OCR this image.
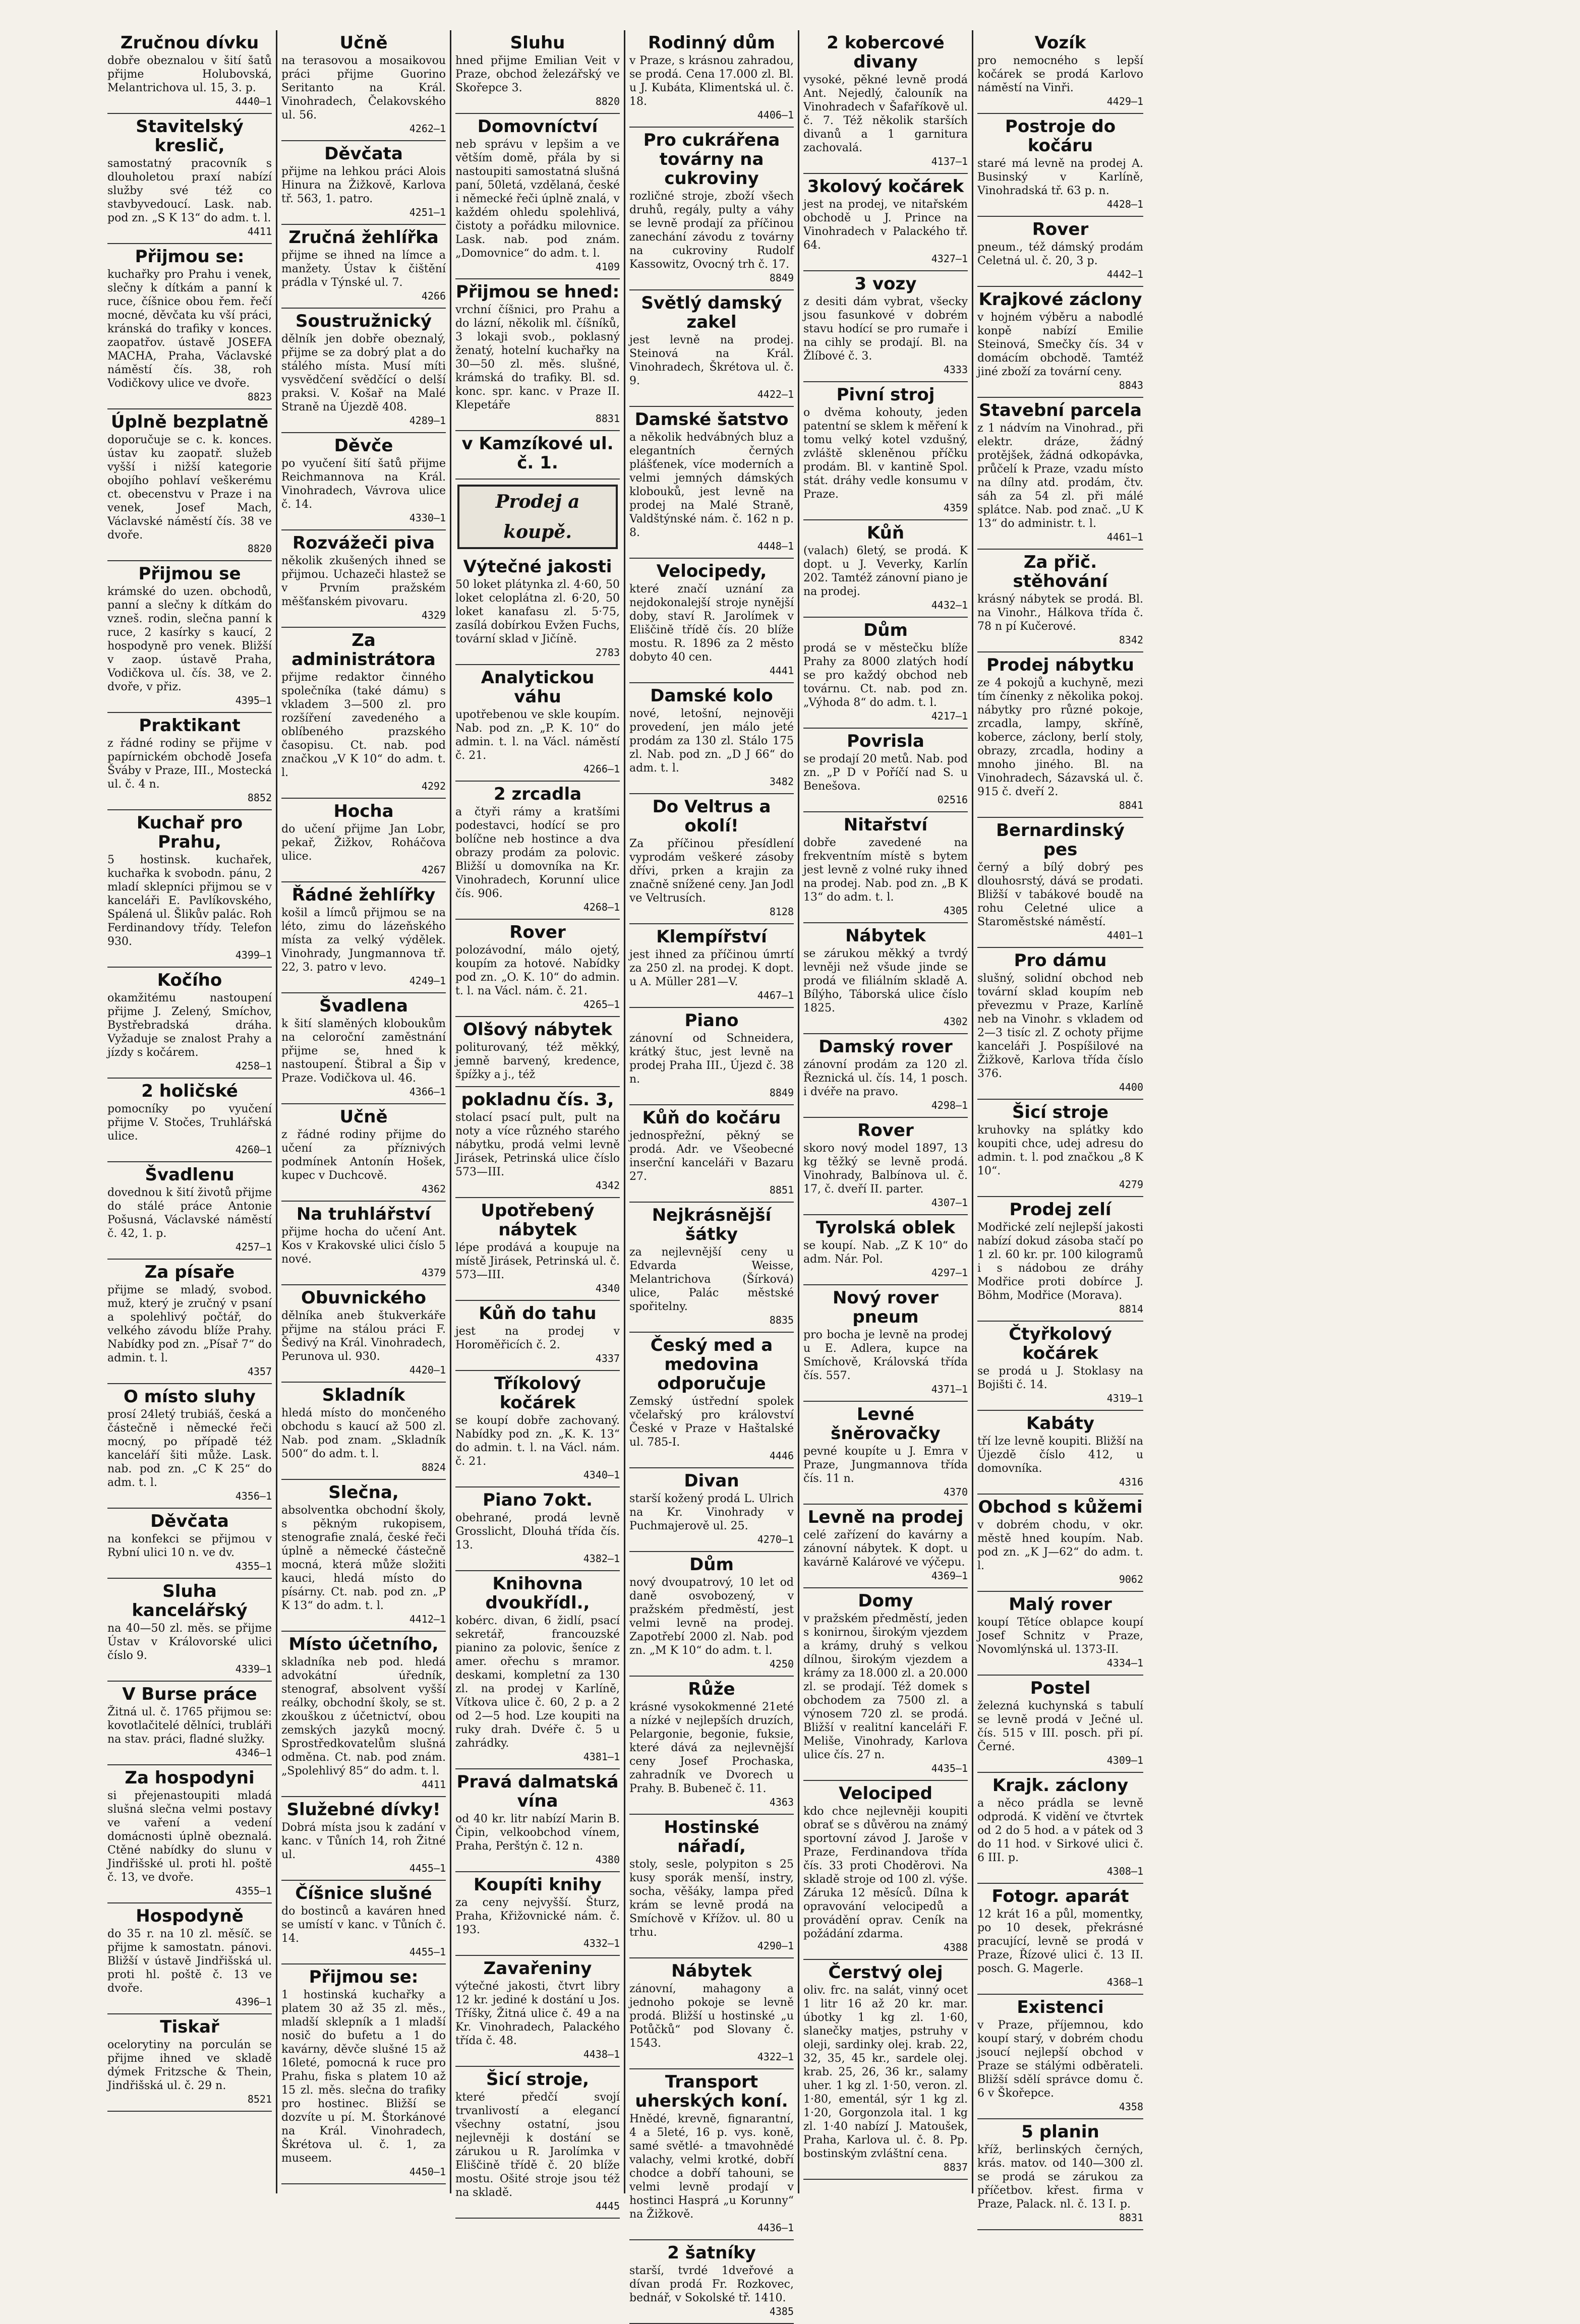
Zručnou dívku

dobře obeznalou v šití šatů přijme Holubovská, Melantrichova ul. 15, 3. p.

4440—1
Stavitelský kreslič,

samostatný pracovník s dlouholetou praxí nabízí služby své též co stavbyvedoucí. Lask. nab. pod zn. „S K 13“ do adm. t. l.

4411
Přijmou se:

kuchařky pro Prahu i venek, slečny k dítkám a panní k ruce, číšnice obou řem. řečí mocné, děvčata ku vší práci, kránská do trafiky v konces. zaopatřov. ústavě JOSEFA MACHA, Praha, Václavské náměstí čís. 38, roh Vodičkovy ulice ve dvoře.

8823
Úplně bezplatně

doporučuje se c. k. konces. ústav ku zaopatř. služeb vyšší i nižší kategorie obojího pohlaví veškerému ct. obecenstvu v Praze i na venek, Josef Mach, Václavské náměstí čís. 38 ve dvoře.

8820
Přijmou se

krámské do uzen. obchodů, panní a slečny k dítkám do vzneš. rodin, slečna panní k ruce, 2 kasírky s kaucí, 2 hospodyně pro venek. Bližší v zaop. ústavě Praha, Vodičkova ul. čís. 38, ve 2. dvoře, v přiz.

4395—1
Praktikant

z řádné rodiny se přijme v papírnickém obchodě Josefa Šváby v Praze, III., Mostecká ul. č. 4 n.

8852
Kuchař pro Prahu,

5 hostinsk. kuchařek, kuchařka k svobodn. pánu, 2 mladí sklepníci přijmou se v kanceláři E. Pavlíkovského, Spálená ul. Šlikův palác. Roh Ferdinandovy třídy. Telefon 930.

4399—1
Kočího

okamžitému nastoupení přijme J. Zelený, Smíchov, Bystřebradská dráha. Vyžaduje se znalost Prahy a jízdy s kočárem.

4258—1
2 holičské

pomocníky po vyučení přijme V. Stočes, Truhlářská ulice.

4260—1
Švadlenu

dovednou k šití životů přijme do stálé práce Antonie Pošusná, Václavské náměstí č. 42, 1. p.

4257—1
Za písaře

přijme se mladý, svobod. muž, který je zručný v psaní a spolehlivý počtář, do velkého závodu blíže Prahy. Nabídky pod zn. „Písař 7“ do admin. t. l.

4357
O místo sluhy

prosí 24letý trubiáš, česká a částečně i německé řeči mocný, po případě též kanceláří šiti může. Lask. nab. pod zn. „C K 25“ do adm. t. l.

4356—1
Děvčata

na konfekci se přijmou v Rybní ulici 10 n. ve dv.

4355—1
Sluha kancelářský

na 40—50 zl. měs. se přijme Ústav v Královorské ulici číslo 9.

4339—1
V Burse práce

Žitná ul. č. 1765 přijmou se: kovotlačitelé dělníci, trubláři na stav. práci, fladné služky.

4346—1
Za hospodyni

si přejenastoupiti mladá slušná slečna velmi postavy ve vaření a vedení domácnosti úplně obeznalá. Ctěné nabídky do slunu v Jindřišské ul. proti hl. poště č. 13, ve dvoře.

4355—1
Hospodyně

do 35 r. na 10 zl. měsíč. se přijme k samostatn. pánovi. Bližší v ústavě Jindřišská ul. proti hl. poště č. 13 ve dvoře.

4396—1
Tiskař

ocelorytiny na porculán se přijme ihned ve skladě dýmek Fritzsche & Thein, Jindřišská ul. č. 29 n.

8521
Učně

na terasovou a mosaikovou práci přijme Guorino Seritanto na Král. Vinohradech, Čelakovského ul. 56.

4262—1
Děvčata

přijme na lehkou práci Alois Hinura na Žižkově, Karlova tř. 563, 1. patro.

4251—1
Zručná žehlířka

přijme se ihned na límce a manžety. Ústav k čištění prádla v Týnské ul. 7.

4266
Soustružnický

dělník jen dobře obeznalý, přijme se za dobrý plat a do stálého místa. Musí míti vysvědčení svědčící o delší praksi. V. Košař na Malé Straně na Újezdě 408.

4289—1
Děvče

po vyučení šití šatů přijme Reichmannova na Král. Vinohradech, Vávrova ulice č. 14.

4330—1
Rozvážeči piva

několik zkušených ihned se přijmou. Uchazeči hlastež se v Prvním pražském měšťanském pivovaru.

4329
Za administrátora

přijme redaktor činného společníka (také dámu) s vkladem 3—500 zl. pro rozšíření zavedeného a oblíbeného prazského časopisu. Ct. nab. pod značkou „V K 10“ do adm. t. l.

4292
Hocha

do učení přijme Jan Lobr, pekař, Žižkov, Roháčova ulice.

4267
Řádné žehlířky

košil a límců přijmou se na léto, zimu do lázeňského místa za velký výdělek. Vinohrady, Jungmannova tř. 22, 3. patro v levo.

4249—1
Švadlena

k šití slaměných kloboukům na celoroční zaměstnání přijme se, hned k nastoupení. Štibral a Šip v Praze. Vodičkova ul. 46.

4366—1
Učně

z řádné rodiny přijme do učení za příznivých podmínek Antonín Hošek, kupec v Duchcově.

4362
Na truhlářství

přijme hocha do učení Ant. Kos v Krakovské ulici číslo 5 nové.

4379
Obuvnického

dělníka aneb štukverkáře přijme na stálou práci F. Šedivý na Král. Vinohradech, Perunova ul. 930.

4420—1
Skladník

hledá místo do mončeného obchodu s kaucí až 500 zl. Nab. pod znam. „Skladník 500“ do adm. t. l.

8824
Slečna,

absolventka obchodní školy, s pěkným rukopisem, stenografie znalá, české řeči úplně a německé částečně mocná, která může složiti kauci, hledá místo do písárny. Ct. nab. pod zn. „P K 13“ do adm. t. l.

4412—1
Místo účetního,

skladníka neb pod. hledá advokátní úředník, stenograf, absolvent vyšší reálky, obchodní školy, se st. zkouškou z účetnictví, obou zemských jazyků mocný. Sprostředkovatelům slušná odměna. Ct. nab. pod znám. „Spolehlivý 85“ do adm. t. l.

4411
Služebné dívky!

Dobrá místa jsou k zadání v kanc. v Tůních 14, roh Žitné ul.

4455—1
Číšnice slušné

do bostinců a kaváren hned se umístí v kanc. v Tůních č. 14.

4455—1
Přijmou se:

1 hostinská kuchařky a platem 30 až 35 zl. měs., mladší sklepník a 1 mladší nosič do bufetu a 1 do kavárny, děvče slušné 15 až 16leté, pomocná k ruce pro Prahu, fiska s platem 10 až 15 zl. měs. slečna do trafiky pro hostinec. Bližší se dozvíte u pí. M. Štorkánové na Král. Vinohradech, Škrétova ul. č. 1, za museem.

4450—1
Sluhu

hned přijme Emilian Veit v Praze, obchod železářský ve Skořepce 3.

8820
Domovníctví

neb správu v lepšim a ve větším domě, přála by si nastoupiti samostatná slušná paní, 50letá, vzdělaná, české i německé řeči úplně znalá, v každém ohledu spolehlivá, čistoty a pořádku milovnice. Lask. nab. pod znám. „Domovnice“ do adm. t. l.

4109
Přijmou se hned:

vrchní číšnici, pro Prahu a do lázní, několik ml. číšníků, 3 lokaji svob., poklasný ženatý, hotelní kuchařky na 30—50 zl. měs. slušné, krámská do trafiky. Bl. sd. konc. spr. kanc. v Praze II. Klepetáře

8831
v Kamzíkové ul. č. 1.
Prodej a koupě.
Výtečné jakosti

50 loket plátynka zl. 4·60, 50 loket celoplátna zl. 6·20, 50 loket kanafasu zl. 5·75, zasílá dobírkou Evžen Fuchs, tovární sklad v Jičíně.

2783
Analytickou váhu

upotřebenou ve skle koupím. Nab. pod zn. „P. K. 10“ do admin. t. l. na Václ. náměstí č. 21.

4266—1
2 zrcadla

a čtyři rámy a kratšími podestavci, hodící se pro bolíčne neb hostince a dva obrazy prodám za polovic. Bližší u domovníka na Kr. Vinohradech, Korunní ulice čís. 906.

4268—1
Rover

polozávodní, málo ojetý, koupím za hotové. Nabídky pod zn. „O. K. 10“ do admin. t. l. na Václ. nám. č. 21.

4265—1
Olšový nábytek

politurovaný, též měkký, jemně barvený, kredence, špížky a j., též

pokladnu čís. 3,

stolací psací pult, pult na noty a více různého starého nábytku, prodá velmi levně Jirásek, Petrinská ulice číslo 573—III.

4342
Upotřebený nábytek

lépe prodává a koupuje na místě Jirásek, Petrinská ul. č. 573—III.

4340
Kůň do tahu

jest na prodej v Horoměřicích č. 2.

4337
Tříkolový kočárek

se koupí dobře zachovaný. Nabídky pod zn. „K. K. 13“ do admin. t. l. na Václ. nám. č. 21.

4340—1
Piano 7okt.

obehrané, prodá levně Grosslicht, Dlouhá třída čís. 13.

4382—1
Knihovna dvoukřídl.,

kobérc. divan, 6 židlí, psací sekretář, francouzské pianino za polovic, šeníce z amer. ořechu s mramor. deskami, kompletní za 130 zl. na prodej v Karlíně, Vítkova ulice č. 60, 2 p. a 2 od 2—5 hod. Lze koupiti na ruky drah. Dvéře č. 5 u zahrádky.

4381—1
Pravá dalmatská vína

od 40 kr. litr nabízí Marin B. Čipin, velkoobchod vínem, Praha, Perštýn č. 12 n.

4380
Koupíti knihy

za ceny nejvyšší. Šturz, Praha, Křižovnické nám. č. 193.

4332—1
Zavařeniny

výtečné jakosti, čtvrt libry 12 kr. jediné k dostání u Jos. Tříšky, Žitná ulice č. 49 a na Kr. Vinohradech, Palackého třída č. 48.

4438—1
Šicí stroje,

které předčí svojí trvanlivostí a elegancí všechny ostatní, jsou nejlevněji k dostání se zárukou u R. Jarolímka v Eliščině třídě č. 20 blíže mostu. Ošité stroje jsou též na skladě.

4445
Rodinný dům

v Praze, s krásnou zahradou, se prodá. Cena 17.000 zl. Bl. u J. Kubáta, Klimentská ul. č. 18.

4406—1
Pro cukrářena továrny na cukroviny

rozličné stroje, zboží všech druhů, regály, pulty a váhy se levně prodají za příčinou zanechání závodu z továrny na cukroviny Rudolf Kassowitz, Ovocný trh č. 17.

8849
Světlý damský zakel

jest levně na prodej. Steinová na Král. Vinohradech, Škrétova ul. č. 9.

4422—1
Damské šatstvo

a několik hedvábných bluz a elegantních černých plášťenek, více moderních a velmi jemných dámských klobouků, jest levně na prodej na Malé Straně, Valdštýnské nám. č. 162 n p. 8.

4448—1
Velocipedy,

které značí uznání za nejdokonalejší stroje nynější doby, staví R. Jarolímek v Eliščině třídě čís. 20 blíže mostu. R. 1896 za 2 město dobyto 40 cen.

4441
Damské kolo

nové, letošní, nejnověji provedení, jen málo jeté prodám za 130 zl. Stálo 175 zl. Nab. pod zn. „D J 66“ do adm. t. l.

3482
Do Veltrus a okolí!

Za příčinou přesídlení vyprodám veškeré zásoby dřívi, prken a krajin za značně snížené ceny. Jan Jodl ve Veltrusích.

8128
Klempířství

jest ihned za příčinou úmrtí za 250 zl. na prodej. K dopt. u A. Müller 281—V.

4467—1
Piano

zánovní od Schneidera, krátký štuc, jest levně na prodej Praha III., Újezd č. 38 n.

8849
Kůň do kočáru

jednospřežní, pěkný se prodá. Adr. ve Všeobecné inserční kanceláři v Bazaru 27.

8851
Nejkrásnější šátky

za nejlevnější ceny u Edvarda Weisse, Melantrichova (Šírková) ulice, Palác městské spořitelny.

8835
Český med a medovina odporučuje

Zemský ústřední spolek včelařský pro království České v Praze v Haštalské ul. 785-I.

4446
Divan

starší kožený prodá L. Ulrich na Kr. Vinohrady v Puchmajerově ul. 25.

4270—1
Dům

nový dvoupatrový, 10 let od daně osvobozený, v pražském předměstí, jest velmi levně na prodej. Zapotřebí 2000 zl. Nab. pod zn. „M K 10“ do adm. t. l.

4250
Růže

krásné vysokokmenné 21eté a nízké v nejlepších druzích, Pelargonie, begonie, fuksie, které dává za nejlevnější ceny Josef Prochaska, zahradník ve Dvorech u Prahy. B. Bubeneč č. 11.

4363
Hostinské nářadí,

stoly, sesle, polypiton s 25 kusy sporák menší, instry, socha, věšáky, lampa před krám se levně prodá na Smíchově v Křížov. ul. 80 u trhu.

4290—1
Nábytek

zánovní, mahagony a jednoho pokoje se levně prodá. Bližší u hostinské „u Potůčků“ pod Slovany č. 1543.

4322—1
Transport uherských koní.

Hnědé, krevně, fignarantní, 4 a 5leté, 16 p. vys. koně, samé světlé- a tmavohnědé valachy, velmi krotké, dobří chodce a dobří tahouni, se velmi levně prodají v hostinci Hasprá „u Korunny“ na Žižkově.

4436—1
2 šatníky

starší, tvrdé 1dveřové a dívan prodá Fr. Rozkovec, bednář, v Sokolské tř. 1410.

4385
2 kobercové divany

vysoké, pěkné levně prodá Ant. Nejedlý, čalouník na Vinohradech v Šafaříkově ul. č. 7. Též několik starších divanů a 1 garnitura zachovalá.

4137—1
3kolový kočárek

jest na prodej, ve nitařském obchodě u J. Prince na Vinohradech v Palackého tř. 64.

4327—1
3 vozy

z desiti dám vybrat, všecky jsou fasunkové v dobrém stavu hodící se pro rumaře i na cihly se prodají. Bl. na Žlíbové č. 3.

4333
Pivní stroj

o dvěma kohouty, jeden patentní se sklem k měření k tomu velký kotel vzdušný, zvláště skleněnou příčku prodám. Bl. v kantině Spol. stát. dráhy vedle konsumu v Praze.

4359
Kůň

(valach) 6letý, se prodá. K dopt. u J. Veverky, Karlín 202. Tamtéž zánovní piano je na prodej.

4432—1
Dům

prodá se v městečku blíže Prahy za 8000 zlatých hodí se pro každý obchod neb továrnu. Ct. nab. pod zn. „Výhoda 8“ do adm. t. l.

4217—1
Povrisla

se prodají 20 metů. Nab. pod zn. „P D v Poříčí nad S. u Benešova.

02516
Nitařství

dobře zavedené na frekventním místě s bytem jest levně z volné ruky ihned na prodej. Nab. pod zn. „B K 13“ do adm. t. l.

4305
Nábytek

se zárukou měkký a tvrdý levněji než všude jinde se prodá ve filiálním skladě A. Bílýho, Táborská ulice číslo 1825.

4302
Damský rover

zánovní prodám za 120 zl. Řeznická ul. čís. 14, 1 posch. i dvéře na pravo.

4298—1
Rover

skoro nový model 1897, 13 kg těžký se levně prodá. Vinohrady, Balbínova ul. č. 17, č. dveří II. parter.

4307—1
Tyrolská oblek

se koupí. Nab. „Z K 10“ do adm. Nár. Pol.

4297—1
Nový rover pneum

pro bocha je levně na prodej u E. Adlera, kupce na Smíchově, Královská třída čís. 557.

4371—1
Levné šněrovačky

pevné koupíte u J. Emra v Praze, Jungmannova třída čís. 11 n.

4370
Levně na prodej

celé zařízení do kavárny a zánovní nábytek. K dopt. u kavárně Kalárové ve výčepu.

4369—1
Domy

v pražském předměstí, jeden s konirnou, širokým vjezdem a krámy, druhý s velkou dílnou, širokým vjezdem a krámy za 18.000 zl. a 20.000 zl. se prodají. Též domek s obchodem za 7500 zl. a výnosem 720 zl. se prodá. Bližší v realitní kanceláři F. Meliše, Vinohrady, Karlova ulice čís. 27 n.

4435—1
Velociped

kdo chce nejlevněji koupiti obrať se s důvěrou na známý sportovní závod J. Jaroše v Praze, Ferdinandova třída čís. 33 proti Choděrovi. Na skladě stroje od 100 zl. výše. Záruka 12 měsíců. Dílna k opravování velocipedů a provádění oprav. Ceník na požádání zdarma.

4388
Čerstvý olej

oliv. frc. na salát, vinný ocet 1 litr 16 až 20 kr. mar. úbotky 1 kg zl. 1·60, slanečky matjes, pstruhy v oleji, sardinky olej. krab. 22, 32, 35, 45 kr., sardele olej. krab. 25, 26, 36 kr., salamy uher. 1 kg zl. 1·50, veron. zl. 1·80, ementál, sýr 1 kg zl. 1·20, Gorgonzola ital. 1 kg zl. 1·40 nabízí J. Matoušek, Praha, Karlova ul. č. 8. Pp. bostinským zvláštní cena.

8837
Vozík

pro nemocného s lepší kočárek se prodá Karlovo náměstí na Vinři.

4429—1
Postroje do kočáru

staré má levně na prodej A. Businský v Karlíně, Vinohradská tř. 63 p. n.

4428—1
Rover

pneum., též dámský prodám Celetná ul. č. 20, 3 p.

4442—1
Krajkové záclony

v hojném výběru a nabodlé konpě nabízí Emilie Steinová, Smečky čís. 34 v domácím obchodě. Tamtéž jiné zboží za tovární ceny.

8843
Stavební parcela

z 1 nádvím na Vinohrad., při elektr. dráze, žádný protějšek, žádná odkopávka, průčelí k Praze, vzadu místo na dílny atd. prodám, čtv. sáh za 54 zl. při málé splátce. Nab. pod znač. „U K 13“ do administr. t. l.

4461—1
Za přič. stěhování

krásný nábytek se prodá. Bl. na Vinohr., Hálkova třída č. 78 n pí Kučerové.

8342
Prodej nábytku

ze 4 pokojů a kuchyně, mezi tím čínenky z několika pokoj. nábytky pro různé pokoje, zrcadla, lampy, skříně, koberce, záclony, berlí stoly, obrazy, zrcadla, hodiny a mnoho jiného. Bl. na Vinohradech, Sázavská ul. č. 915 č. dveří 2.

8841
Bernardinský pes

černý a bílý dobrý pes dlouhosrstý, dává se prodati. Bližší v tabákové boudě na rohu Celetné ulice a Staroměstské náměstí.

4401—1
Pro dámu

slušný, solidní obchod neb tovární sklad koupím neb převezmu v Praze, Karlíně neb na Vinohr. s vkladem od 2—3 tisíc zl. Z ochoty přijme kanceláři J. Pospíšilové na Žižkově, Karlova třída číslo 376.

4400
Šicí stroje

kruhovky na splátky kdo koupiti chce, udej adresu do admin. t. l. pod značkou „8 K 10“.

4279
Prodej zelí

Modřické zelí nejlepší jakosti nabízí dokud zásoba stačí po 1 zl. 60 kr. pr. 100 kilogramů i s nádobou ze dráhy Modřice proti dobírce J. Böhm, Modřice (Morava).

8814
Čtyřkolový kočárek

se prodá u J. Stoklasy na Bojišti č. 14.

4319—1
Kabáty

tří lze levně koupiti. Bližší na Újezdě číslo 412, u domovníka.

4316
Obchod s kůžemi

v dobrém chodu, v okr. městě hned koupím. Nab. pod zn. „K J—62“ do adm. t. l.

9062
Malý rover

koupí Tětíce oblapce koupí Josef Schnitz v Praze, Novomlýnská ul. 1373-II.

4334—1
Postel

železná kuchynská s tabulí se levně prodá v Ječné ul. čís. 515 v III. posch. při pí. Černé.

4309—1
Krajk. záclony

a něco prádla se levně odprodá. K vidění ve čtvrtek od 2 do 5 hod. a v pátek od 3 do 11 hod. v Sirkové ulici č. 6 III. p.

4308—1
Fotogr. aparát

12 krát 16 a půl, momentky, po 10 desek, překrásné pracující, levně se prodá v Praze, Řízové ulici č. 13 II. posch. G. Magerle.

4368—1
Existenci

v Praze, příjemnou, kdo koupí starý, v dobrém chodu jsoucí nejlepší obchod v Praze se stálými odběrateli. Bližší sdělí správce domu č. 6 v Škořepce.

4358
5 planin

kříž, berlinských černých, krás. matov. od 140—300 zl. se prodá se zárukou za příčetbov. křest. firma v Praze, Palack. nl. č. 13 I. p.

8831
